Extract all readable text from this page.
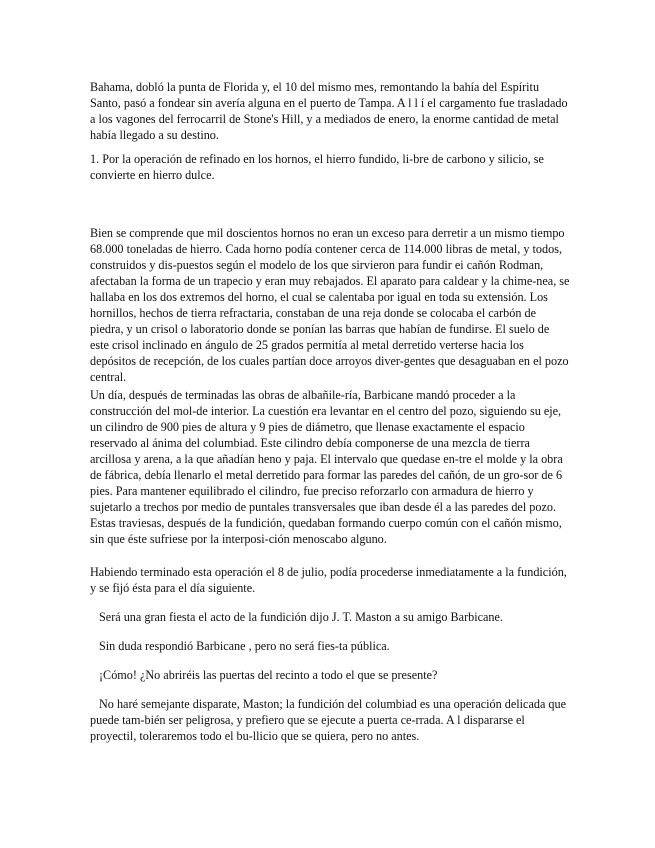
Bahama, dobló la punta de Florida y, el 10 del mismo mes, remontando la bahía del Espíritu Santo, pasó a fondear sin avería alguna en el puerto de Tampa. A l l í el cargamento fue trasladado a los vagones del ferrocarril de Stone's Hill, y a mediados de enero, la enorme cantidad de metal había llegado a su destino.

1. Por la operación de refinado en los hornos, el hierro fundido, li-bre de carbono y silicio, se convierte en hierro dulce.

Bien se comprende que mil doscientos hornos no eran un exceso para derretir a un mismo tiempo 68.000 toneladas de hierro. Cada horno podía contener cerca de 114.000 libras de metal, y todos, construidos y dis-puestos según el modelo de los que sirvieron para fundir ei cañón Rodman, afectaban la forma de un trapecio y eran muy rebajados. El aparato para caldear y la chime-nea, se hallaba en los dos extremos del horno, el cual se calentaba por igual en toda su extensión. Los hornillos, hechos de tierra refractaria, constaban de una reja donde se colocaba el carbón de piedra, y un crisol o laboratorio donde se ponían las barras que habían de fundirse. El suelo de este crisol inclinado en ángulo de 25 grados permitía al metal derretido verterse hacia los depósitos de recepción, de los cuales partían doce arroyos diver-gentes que desaguaban en el pozo central.

Un día, después de terminadas las obras de albañile-ría, Barbicane mandó proceder a la construcción del mol-de interior. La cuestión era levantar en el centro del pozo, siguiendo su eje, un cilindro de 900 pies de altura y 9 pies de diámetro, que llenase exactamente el espacio reservado al ánima del columbiad. Este cilindro debía componerse de una mezcla de tierra arcillosa y arena, a la que añadían heno y paja. El intervalo que quedase en-tre el molde y la obra de fábrica, debía llenarlo el metal derretido para formar las paredes del cañón, de un gro-sor de 6 pies. Para mantener equilibrado el cilindro, fue preciso reforzarlo con armadura de hierro y sujetarlo a trechos por medio de puntales transversales que iban desde él a las paredes del pozo. Estas traviesas, después de la fundición, quedaban formando cuerpo común con el cañón mismo, sin que éste sufriese por la interposi-ción menoscabo alguno.

Habiendo terminado esta operación el 8 de julio, podía procederse inmediatamente a la fundición, y se fijó ésta para el día siguiente.

Será una gran fiesta el acto de la fundición dijo J. T. Maston a su amigo Barbicane.

Sin duda respondió Barbicane , pero no será fies-ta pública.

¡Cómo! ¿No abriréis las puertas del recinto a todo el que se presente?

No haré semejante disparate, Maston; la fundición del columbiad es una operación delicada que puede tam-bién ser peligrosa, y prefiero que se ejecute a puerta ce-rrada. A l dispararse el proyectil, toleraremos todo el bu-llicio que se quiera, pero no antes.
